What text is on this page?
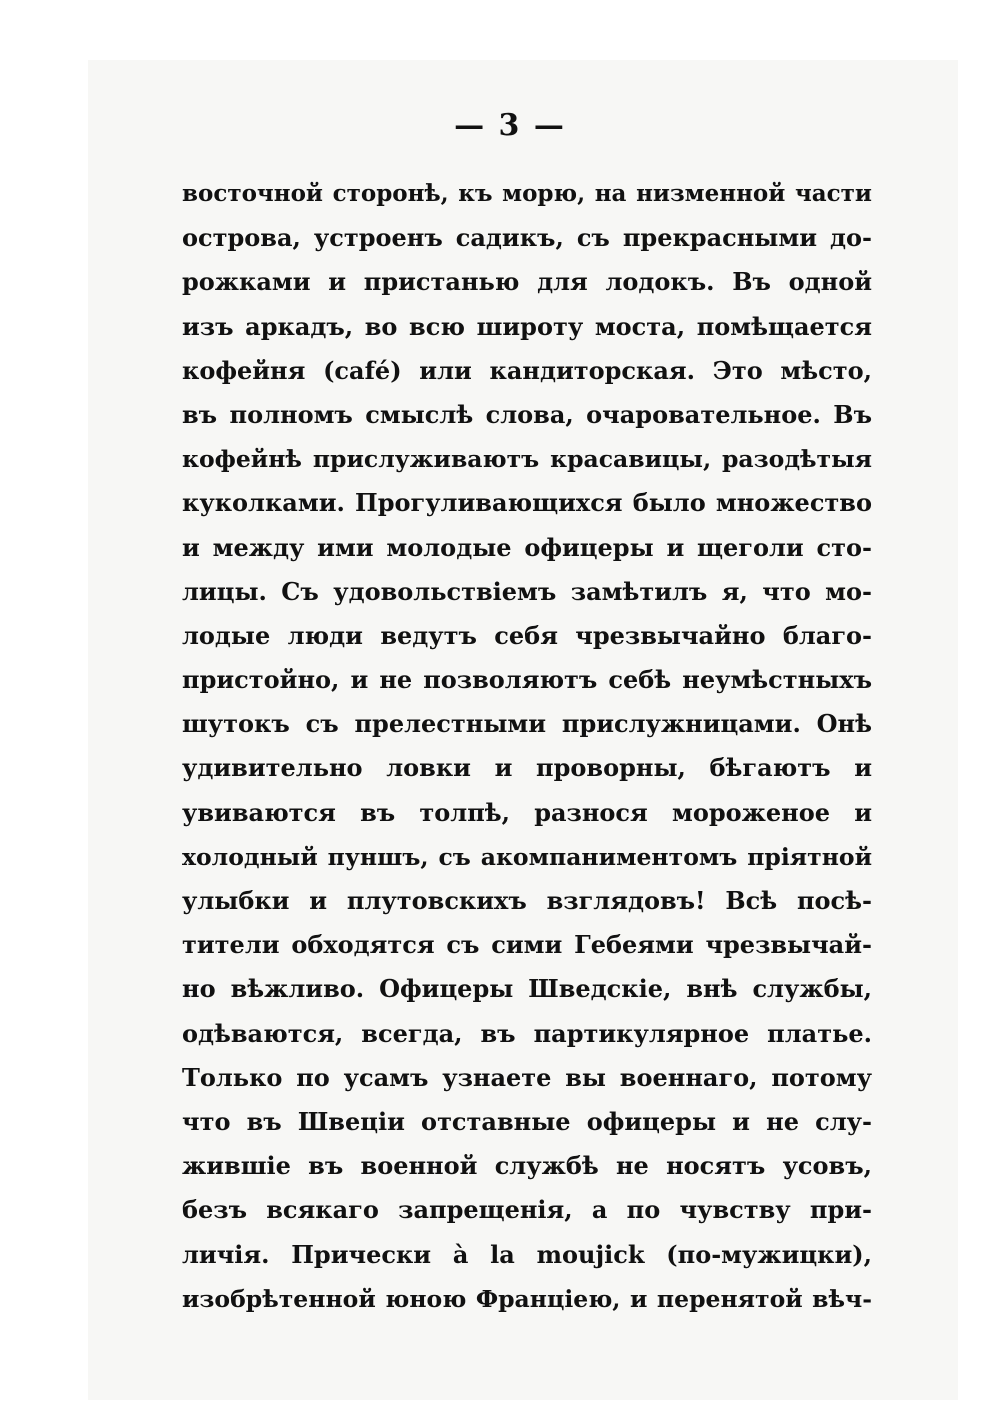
— 3 —
восточной сторонѣ, къ морю, на низменной части
острова, устроенъ садикъ, съ прекрасными до-
рожками и пристанью для лодокъ. Въ одной
изъ аркадъ, во всю широту моста, помѣщается
кофейня (café) или кандиторская. Это мѣсто,
въ полномъ смыслѣ слова, очаровательное. Въ
кофейнѣ прислуживаютъ красавицы, разодѣтыя
куколками. Прогуливающихся было множество
и между ими молодые офицеры и щеголи сто-
лицы. Съ удовольствіемъ замѣтилъ я, что мо-
лодые люди ведутъ себя чрезвычайно благо-
пристойно, и не позволяютъ себѣ неумѣстныхъ
шутокъ съ прелестными прислужницами. Онѣ
удивительно ловки и проворны, бѣгаютъ и
увиваются въ толпѣ, разнося мороженое и
холодный пуншъ, съ акомпаниментомъ пріятной
улыбки и плутовскихъ взглядовъ! Всѣ посѣ-
тители обходятся съ сими Гебеями чрезвычай-
но вѣжливо. Офицеры Шведскіе, внѣ службы,
одѣваются, всегда, въ партикулярное платье.
Только по усамъ узнаете вы военнаго, потому
что въ Швеціи отставные офицеры и не слу-
жившіе въ военной службѣ не носятъ усовъ,
безъ всякаго запрещенія, а по чувству при-
личія. Прически à la moujick (по-мужицки),
изобрѣтенной юною Франціею, и перенятой вѣч-
